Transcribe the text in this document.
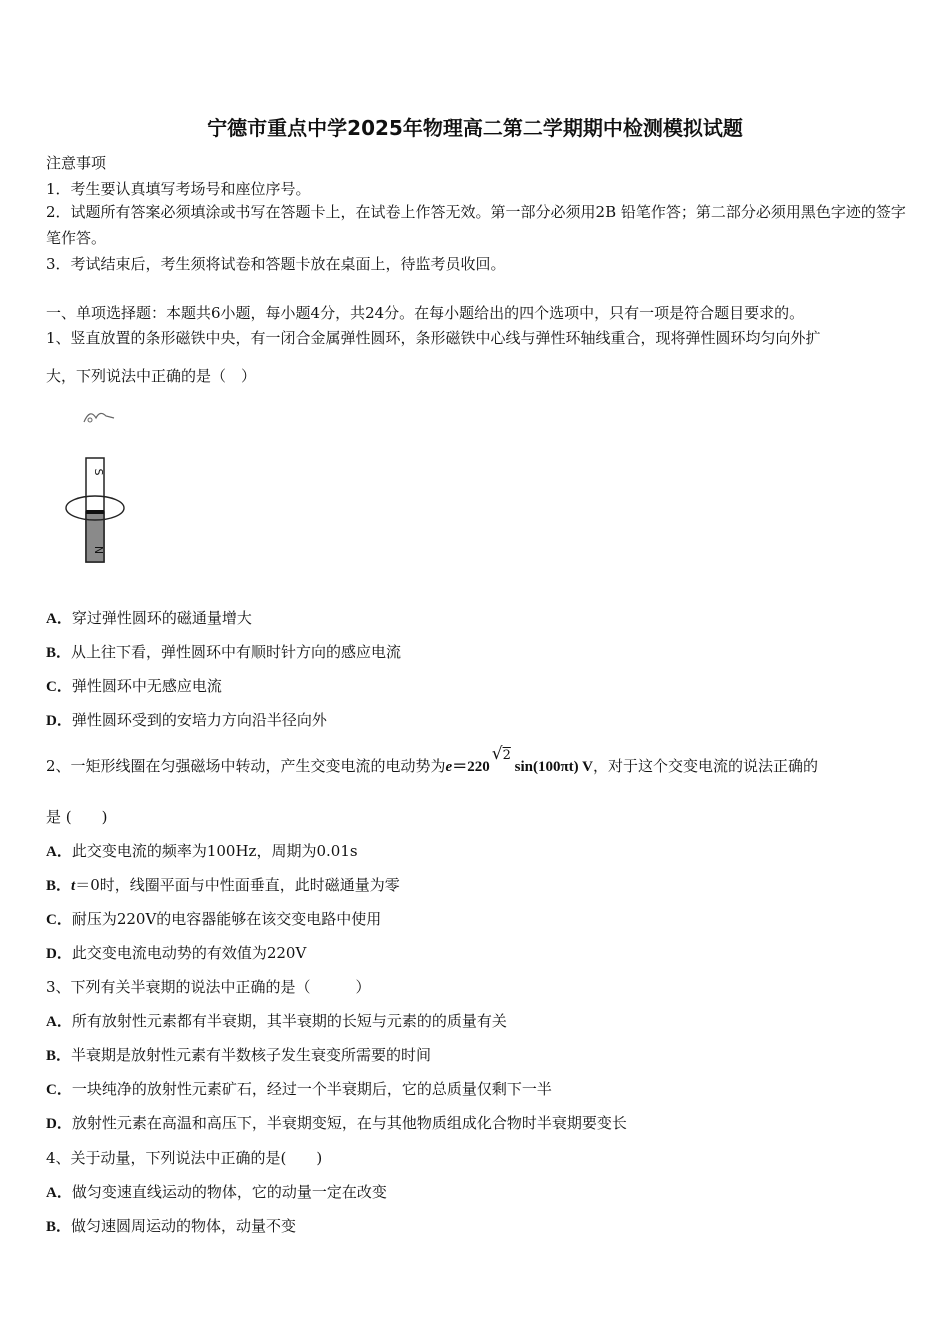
宁德市重点中学2025年物理高二第二学期期中检测模拟试题
注意事项
1．考生要认真填写考场号和座位序号。
2．试题所有答案必须填涂或书写在答题卡上，在试卷上作答无效。第一部分必须用2B 铅笔作答；第二部分必须用黑色字迹的签字笔作答。
3．考试结束后，考生须将试卷和答题卡放在桌面上，待监考员收回。
一、单项选择题：本题共6小题，每小题4分，共24分。在每小题给出的四个选项中，只有一项是符合题目要求的。
1、竖直放置的条形磁铁中央，有一闭合金属弹性圆环，条形磁铁中心线与弹性环轴线重合，现将弹性圆环均匀向外扩
大，下列说法中正确的是（　）
S
N
A．穿过弹性圆环的磁通量增大
B．从上往下看，弹性圆环中有顺时针方向的感应电流
C．弹性圆环中无感应电流
D．弹性圆环受到的安培力方向沿半径向外
2、一矩形线圈在匀强磁场中转动，产生交变电流的电动势为e＝220√2 sin(100πt) V，对于这个交变电流的说法正确的
是 (　　)
A．此交变电流的频率为100Hz，周期为0.01s
B．t＝0时，线圈平面与中性面垂直，此时磁通量为零
C．耐压为220V的电容器能够在该交变电路中使用
D．此交变电流电动势的有效值为220V
3、下列有关半衰期的说法中正确的是（　　　）
A．所有放射性元素都有半衰期，其半衰期的长短与元素的的质量有关
B．半衰期是放射性元素有半数核子发生衰变所需要的时间
C．一块纯净的放射性元素矿石，经过一个半衰期后，它的总质量仅剩下一半
D．放射性元素在高温和高压下，半衰期变短，在与其他物质组成化合物时半衰期要变长
4、关于动量，下列说法中正确的是(　　)
A．做匀变速直线运动的物体，它的动量一定在改变
B．做匀速圆周运动的物体，动量不变
